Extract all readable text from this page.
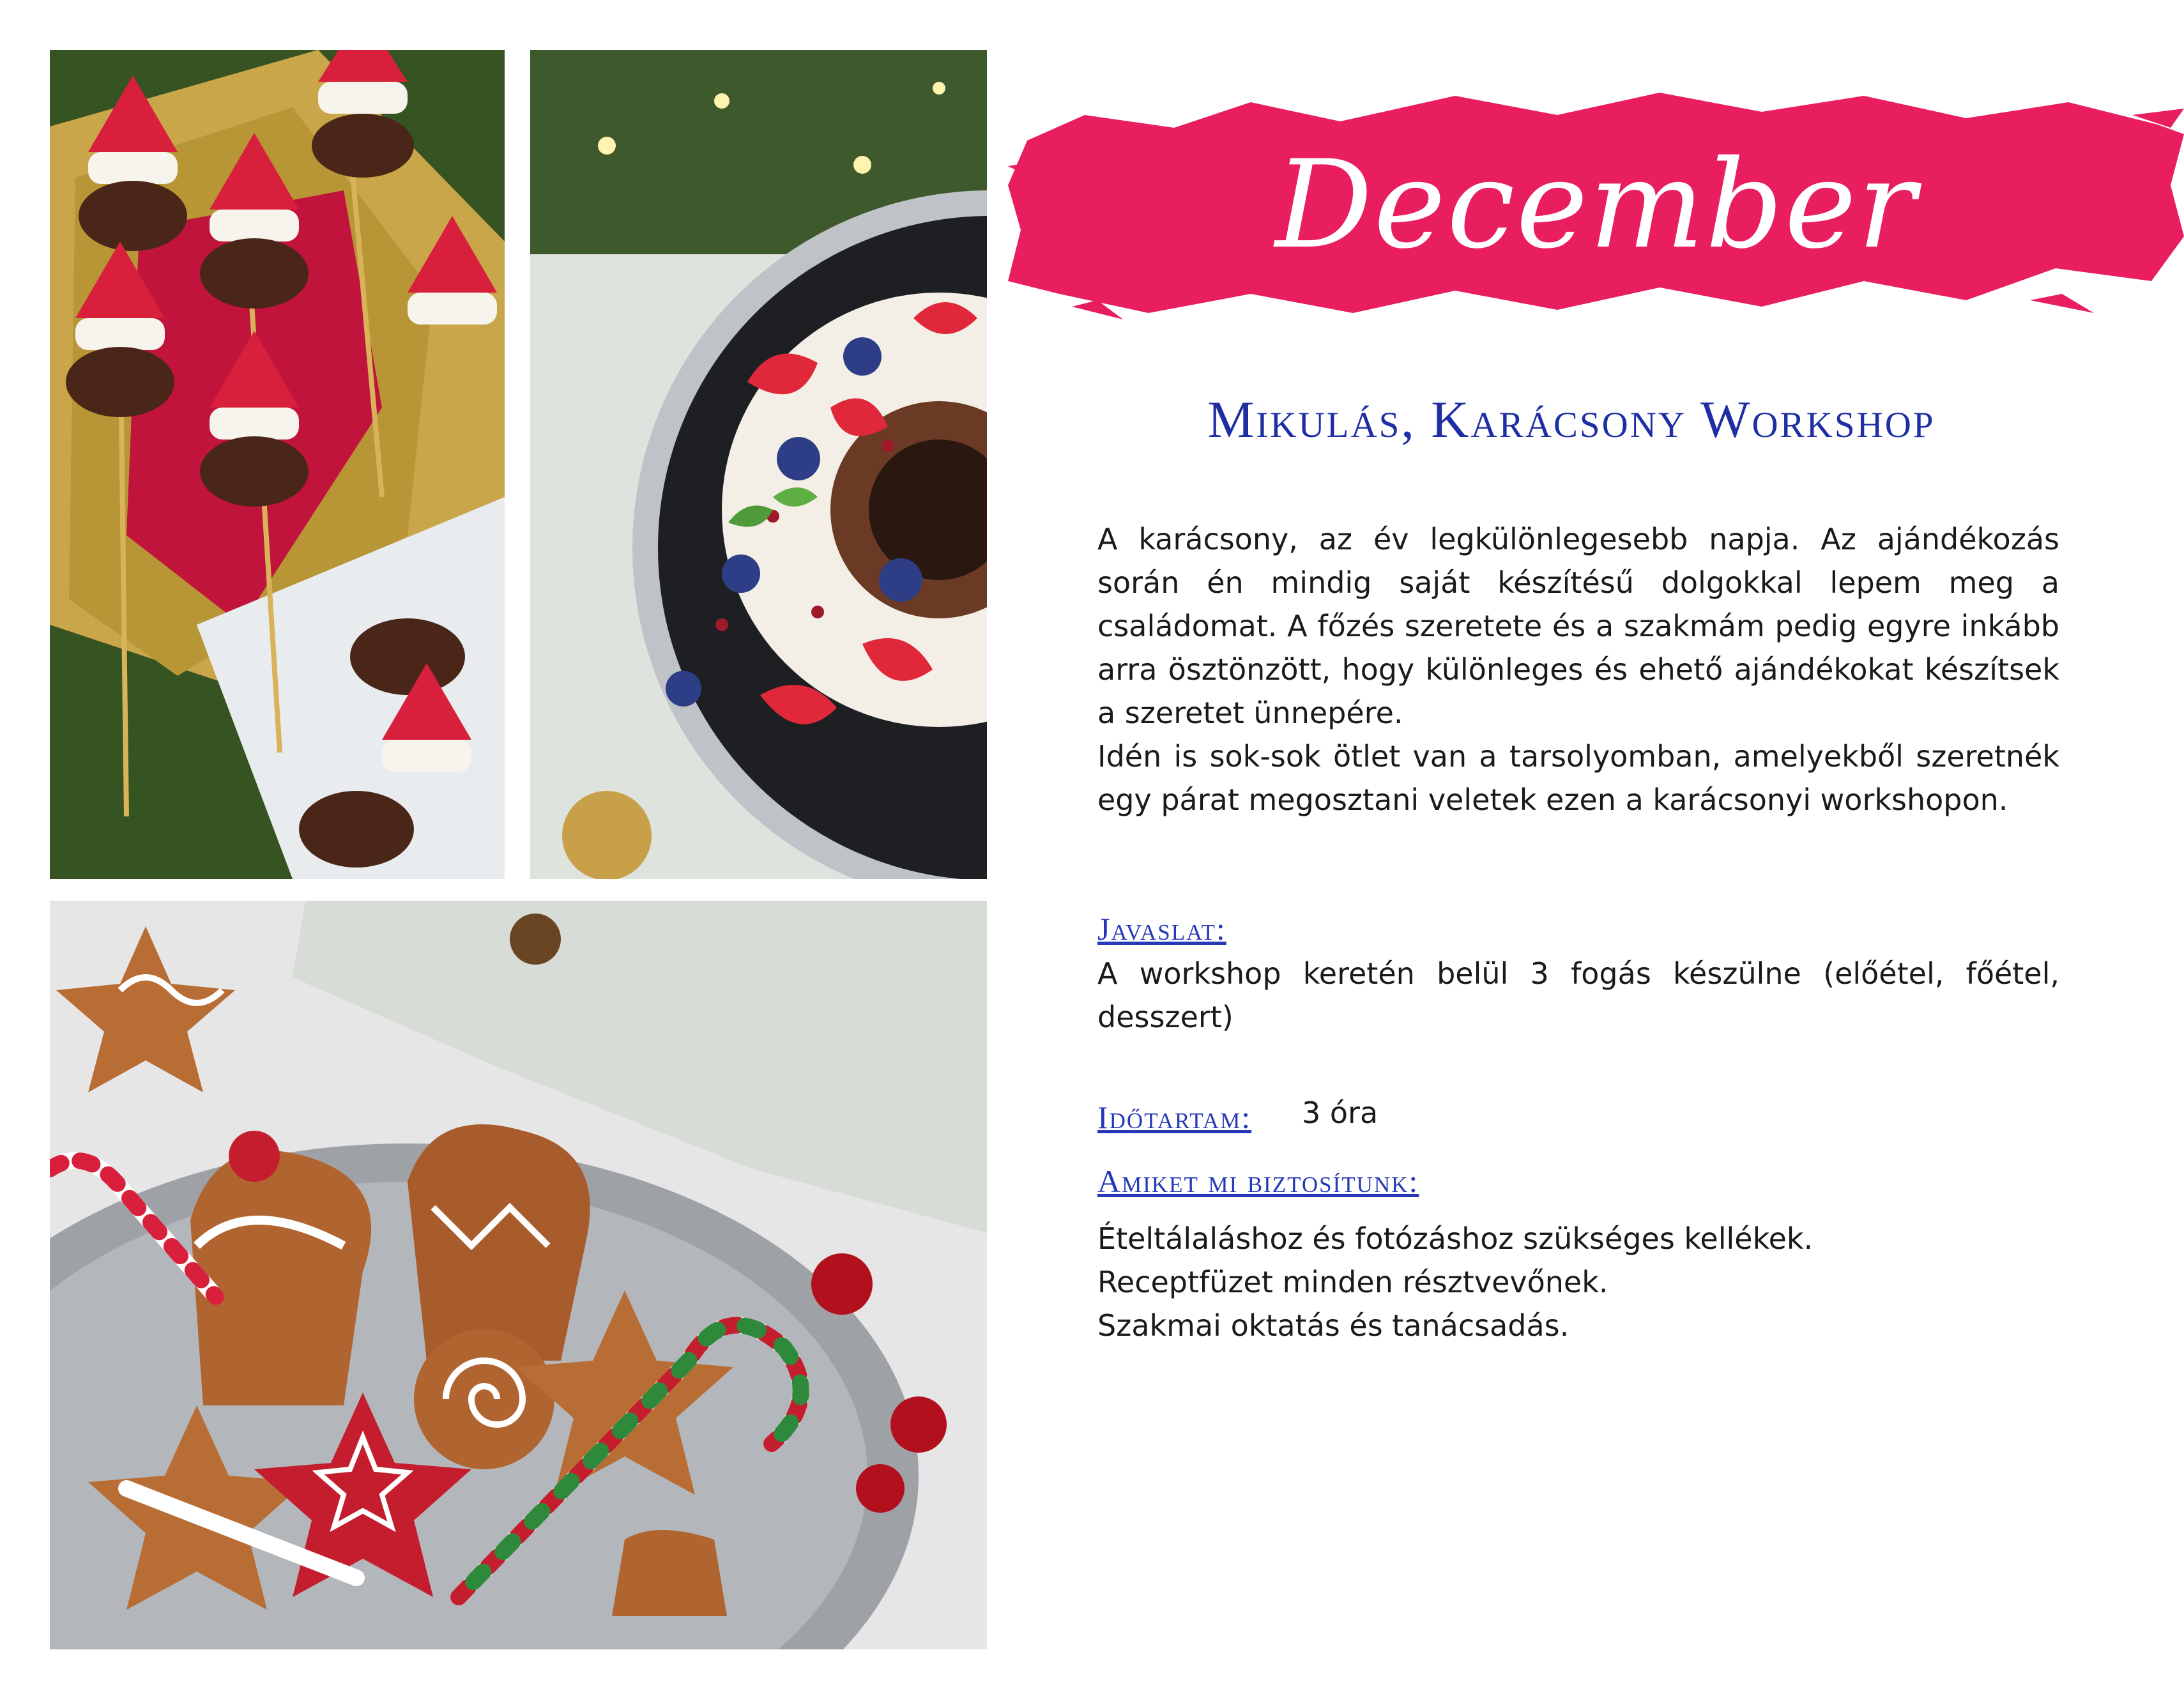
December
Mikulás, Karácsony Workshop
A karácsony, az év legkülönlegesebb napja. Az ajándékozás során én mindig saját készítésű dolgokkal lepem meg a családomat. A főzés szeretete és a szakmám pedig egyre inkább arra ösztönzött, hogy különleges és ehető ajándékokat készítsek a szeretet ünnepére.
Idén is sok-sok ötlet van a tarsolyomban, amelyekből szeretnék egy párat megosztani veletek ezen a karácsonyi workshopon.
Javaslat:
A workshop keretén belül 3 fogás készülne (előétel, főétel, desszert)
Időtartam: 3 óra
Amiket mi biztosítunk:
Ételtálaláshoz és fotózáshoz szükséges kellékek.
Receptfüzet minden résztvevőnek.
Szakmai oktatás és tanácsadás.
